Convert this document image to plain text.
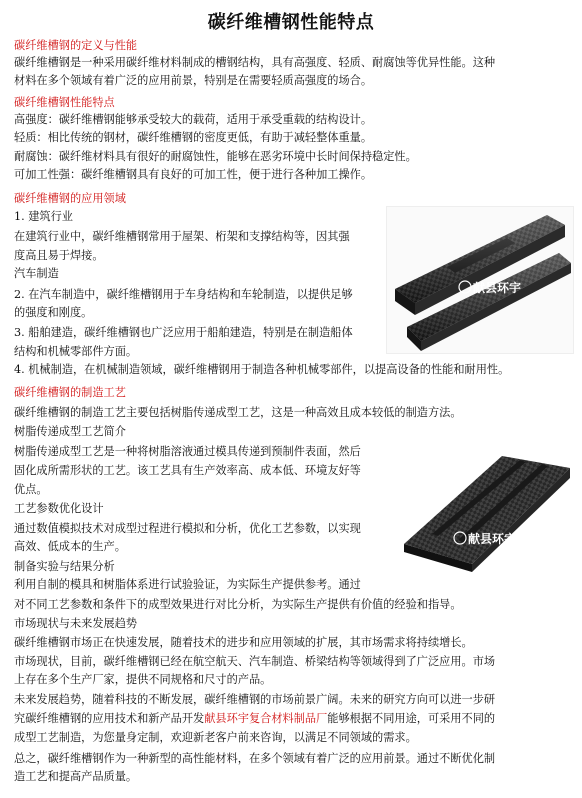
碳纤维槽钢性能特点
碳纤维槽钢的定义与性能
碳纤维槽钢是一种采用碳纤维材料制成的槽钢结构，具有高强度、轻质、耐腐蚀等优异性能。这种
材料在多个领域有着广泛的应用前景，特别是在需要轻质高强度的场合。
碳纤维槽钢性能特点
高强度：碳纤维槽钢能够承受较大的载荷，适用于承受重载的结构设计。
轻质：相比传统的钢材，碳纤维槽钢的密度更低，有助于减轻整体重量。
耐腐蚀：碳纤维材料具有很好的耐腐蚀性，能够在恶劣环境中长时间保持稳定性。
可加工性强：碳纤维槽钢具有良好的可加工性，便于进行各种加工操作。
碳纤维槽钢的应用领域
1. 建筑行业
在建筑行业中，碳纤维槽钢常用于屋架、桁架和支撑结构等，因其强
度高且易于焊接。
汽车制造
2. 在汽车制造中，碳纤维槽钢用于车身结构和车轮制造，以提供足够
的强度和刚度。
3. 船舶建造，碳纤维槽钢也广泛应用于船舶建造，特别是在制造船体
结构和机械零部件方面。
4. 机械制造，在机械制造领域，碳纤维槽钢用于制造各种机械零部件，以提高设备的性能和耐用性。
碳纤维槽钢的制造工艺
碳纤维槽钢的制造工艺主要包括树脂传递成型工艺，这是一种高效且成本较低的制造方法。
树脂传递成型工艺简介
树脂传递成型工艺是一种将树脂溶液通过模具传递到预制件表面，然后
固化成所需形状的工艺。该工艺具有生产效率高、成本低、环境友好等
优点。
工艺参数优化设计
通过数值模拟技术对成型过程进行模拟和分析，优化工艺参数，以实现
高效、低成本的生产。
制备实验与结果分析
利用自制的模具和树脂体系进行试验验证，为实际生产提供参考。通过
对不同工艺参数和条件下的成型效果进行对比分析，为实际生产提供有价值的经验和指导。
市场现状与未来发展趋势
碳纤维槽钢市场正在快速发展，随着技术的进步和应用领域的扩展，其市场需求将持续增长。
市场现状，目前，碳纤维槽钢已经在航空航天、汽车制造、桥梁结构等领域得到了广泛应用。市场
上存在多个生产厂家，提供不同规格和尺寸的产品。
未来发展趋势，随着科技的不断发展，碳纤维槽钢的市场前景广阔。未来的研究方向可以进一步研
究碳纤维槽钢的应用技术和新产品开发献县环宇复合材料制品厂能够根据不同用途，可采用不同的
成型工艺制造，为您量身定制，欢迎新老客户前来咨询，以满足不同领域的需求。
总之，碳纤维槽钢作为一种新型的高性能材料，在多个领域有着广泛的应用前景。通过不断优化制
造工艺和提高产品质量。
献县环宇
献县环宇
